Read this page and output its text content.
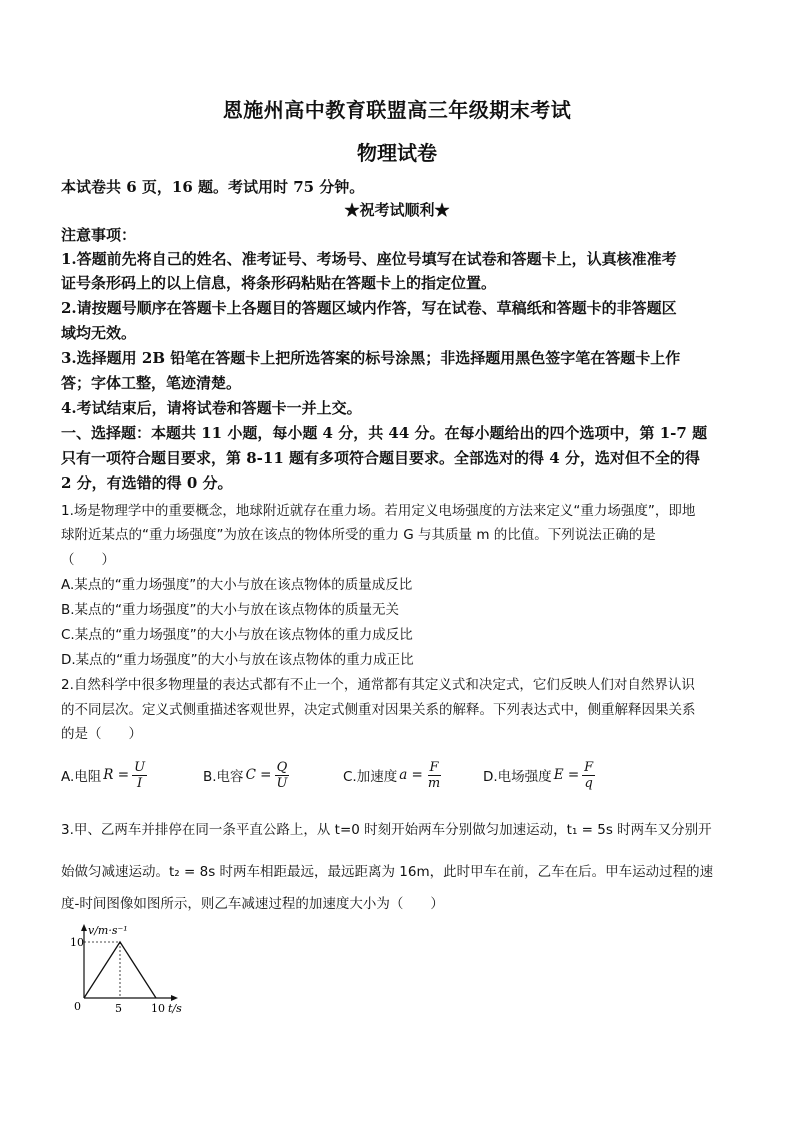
恩施州高中教育联盟高三年级期末考试
物理试卷
本试卷共 6 页，16 题。考试用时 75 分钟。
★祝考试顺利★
注意事项：
1.答题前先将自己的姓名、准考证号、考场号、座位号填写在试卷和答题卡上，认真核准准考
证号条形码上的以上信息，将条形码粘贴在答题卡上的指定位置。
2.请按题号顺序在答题卡上各题目的答题区域内作答，写在试卷、草稿纸和答题卡的非答题区
域均无效。
3.选择题用 2B 铅笔在答题卡上把所选答案的标号涂黑；非选择题用黑色签字笔在答题卡上作
答；字体工整，笔迹清楚。
4.考试结束后，请将试卷和答题卡一并上交。
一、选择题：本题共 11 小题，每小题 4 分，共 44 分。在每小题给出的四个选项中，第 1-7 题
只有一项符合题目要求，第 8-11 题有多项符合题目要求。全部选对的得 4 分，选对但不全的得
2 分，有选错的得 0 分。
1.场是物理学中的重要概念，地球附近就存在重力场。若用定义电场强度的方法来定义“重力场强度”，即地
球附近某点的“重力场强度”为放在该点的物体所受的重力 G 与其质量 m 的比值。下列说法正确的是
（　　）
A.某点的“重力场强度”的大小与放在该点物体的质量成反比
B.某点的“重力场强度”的大小与放在该点物体的质量无关
C.某点的“重力场强度”的大小与放在该点物体的重力成反比
D.某点的“重力场强度”的大小与放在该点物体的重力成正比
2.自然科学中很多物理量的表达式都有不止一个，通常都有其定义式和决定式，它们反映人们对自然界认识
的不同层次。定义式侧重描述客观世界，决定式侧重对因果关系的解释。下列表达式中，侧重解释因果关系
的是（　　）
A.电阻 $R = \frac{U}{I}$	B.电容 $C = \frac{Q}{U}$	C.加速度 $a = \frac{F}{m}$	D.电场强度 $E = \frac{F}{q}$
3.甲、乙两车并排停在同一条平直公路上，从 t=0 时刻开始两车分别做匀加速运动，t₁ = 5s 时两车又分别开
始做匀减速运动。t₂ = 8s 时两车相距最远，最远距离为 16m，此时甲车在前，乙车在后。甲车运动过程的速
度-时间图像如图所示，则乙车减速过程的加速度大小为（　　）
v/m·s⁻¹
10
0	5	10 t/s
